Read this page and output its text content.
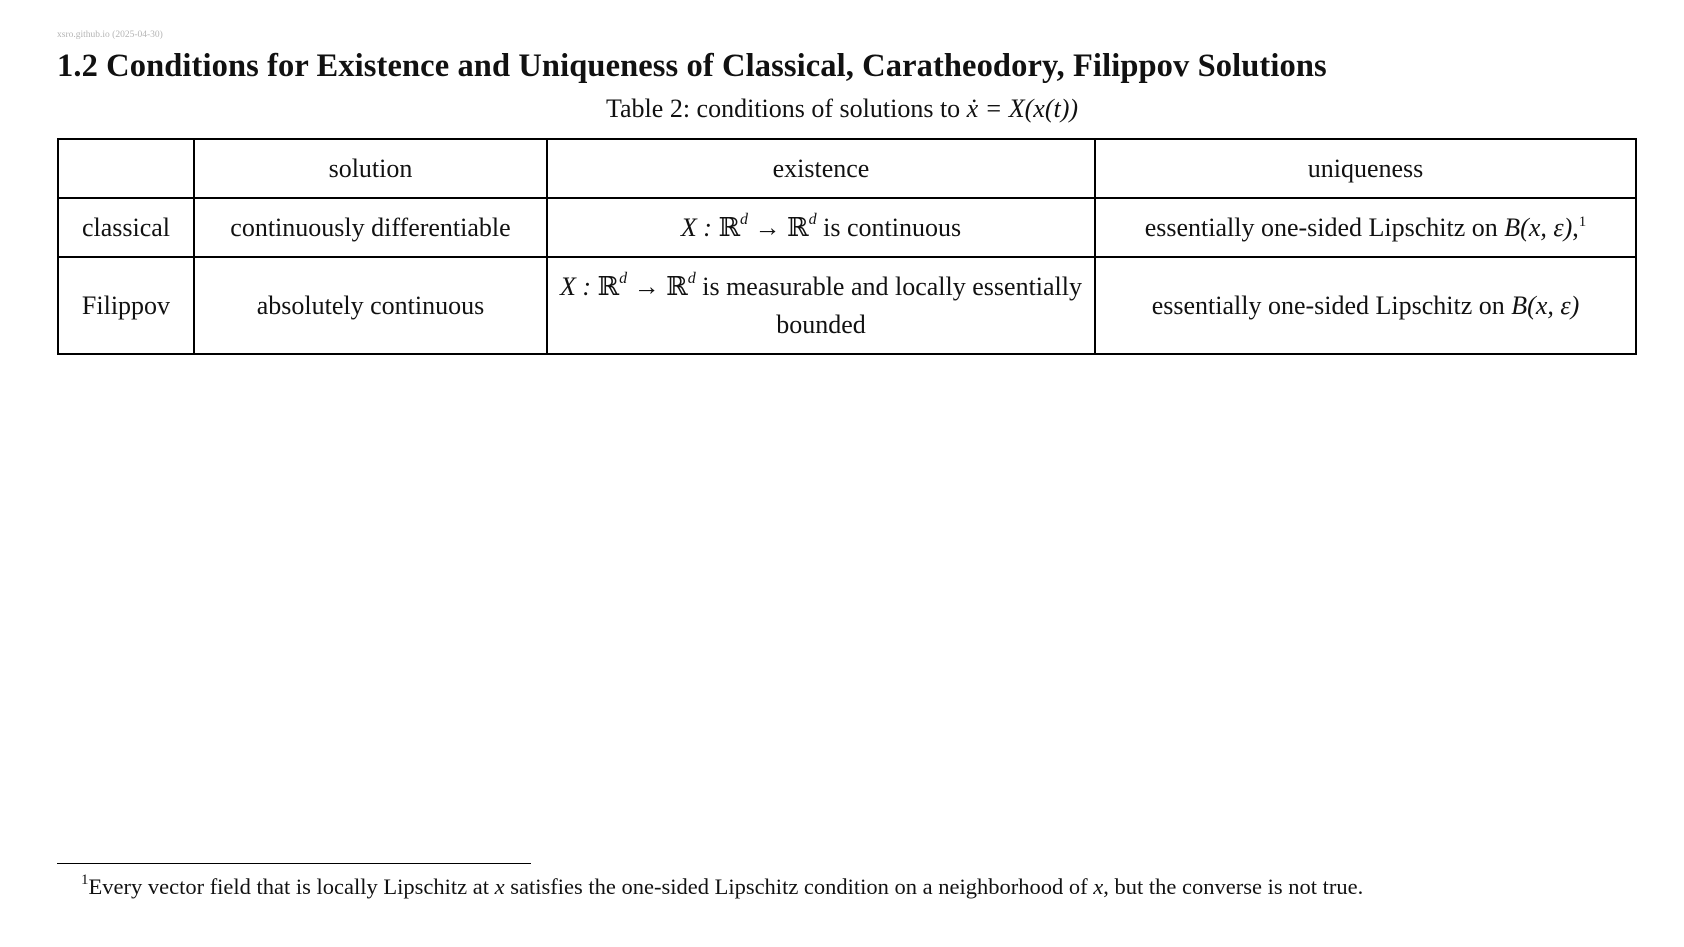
xsro.github.io (2025-04-30)
1.2 Conditions for Existence and Uniqueness of Classical, Caratheodory, Filippov Solutions
Table 2: conditions of solutions to ẋ = X(x(t))
	solution	existence	uniqueness
classical	continuously differentiable	X : ℝ$^d$ → ℝ$^d$ is continuous	essentially one-sided Lipschitz on B(x, ε),$^1$
Filippov	absolutely continuous	X : ℝ$^d$ → ℝ$^d$ is measurable and locally essentially bounded	essentially one-sided Lipschitz on B(x, ε)
$^1$Every vector field that is locally Lipschitz at x satisfies the one-sided Lipschitz condition on a neighborhood of x, but the converse is not true.
